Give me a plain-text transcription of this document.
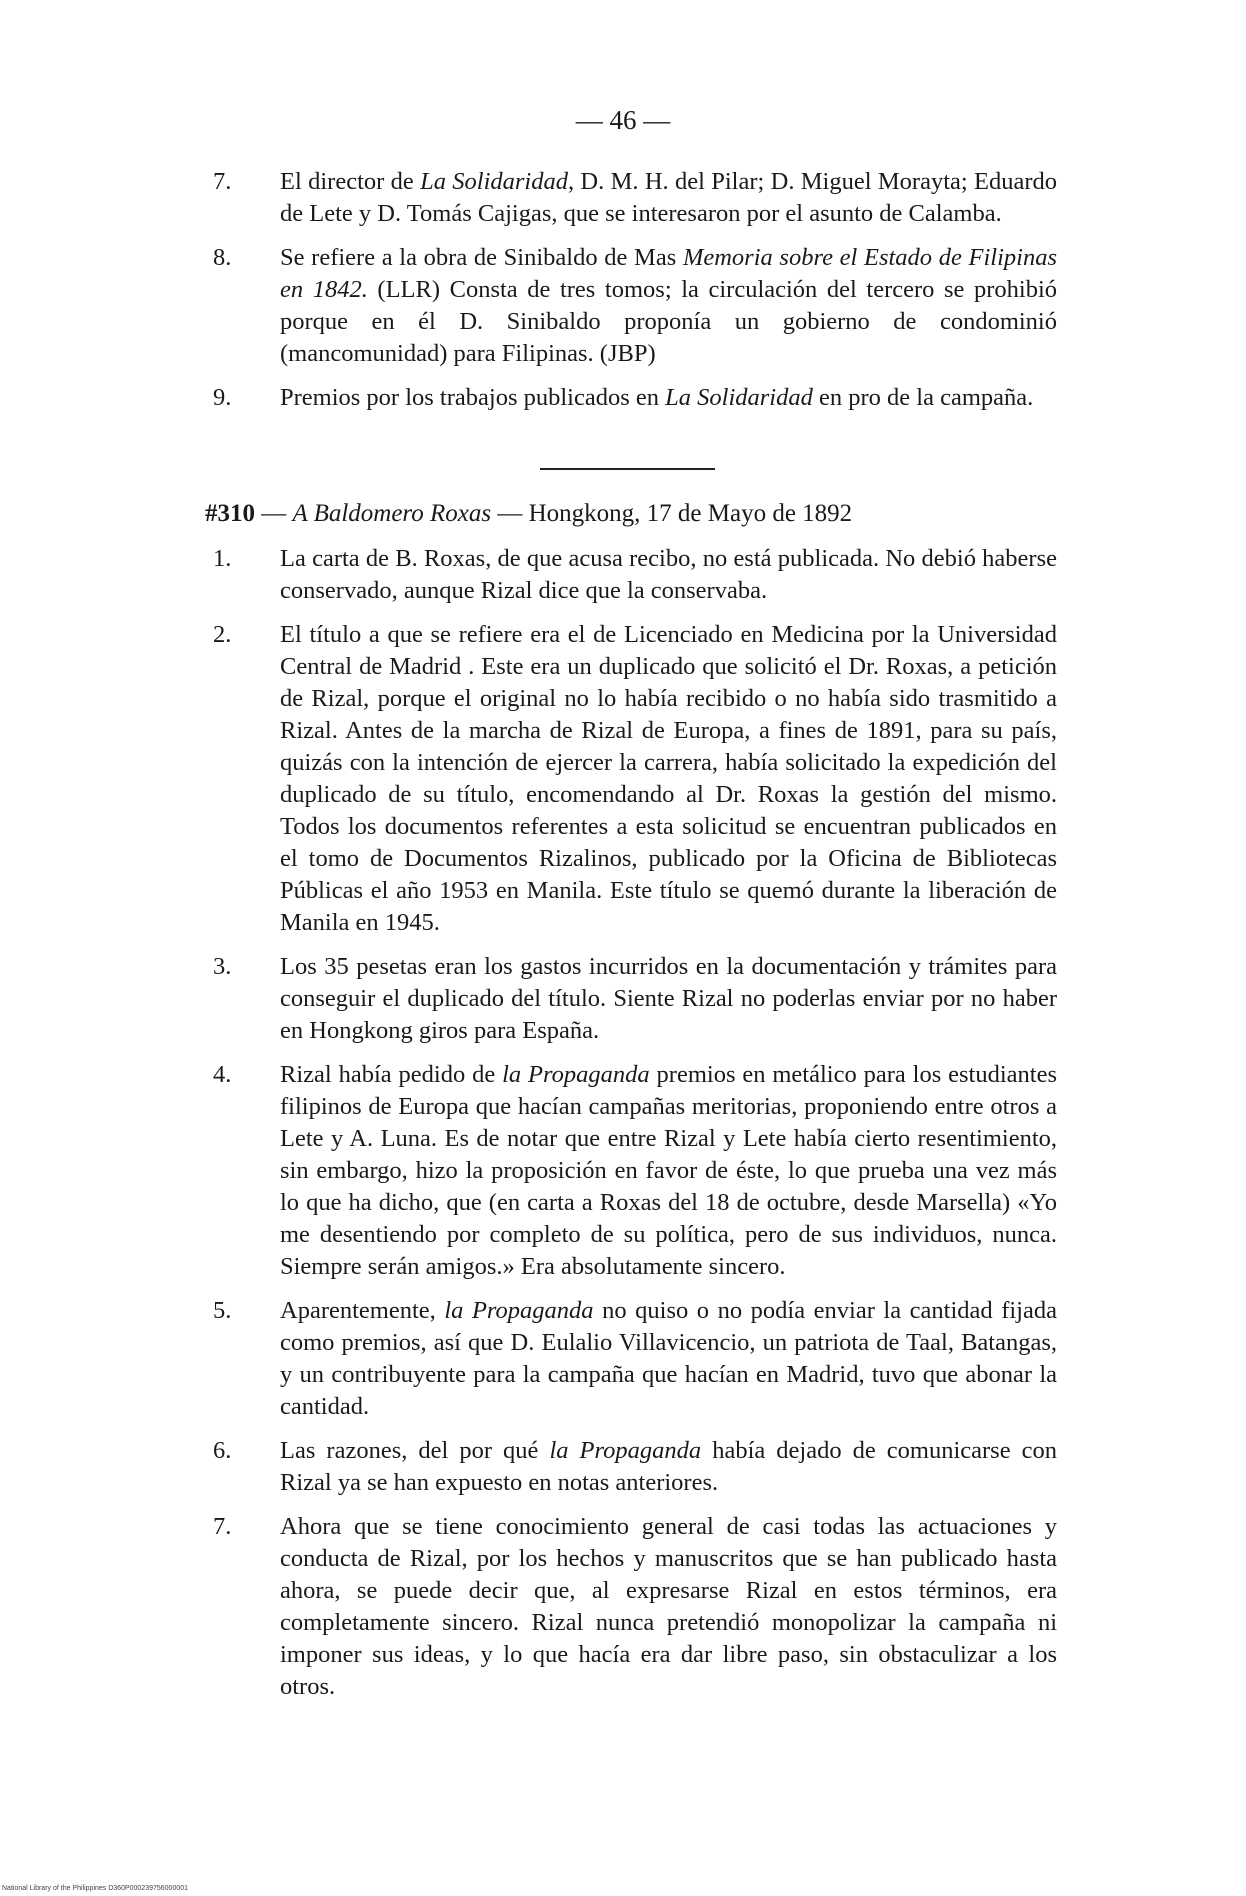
— 46 —

7.	El director de La Solidaridad, D. M. H. del Pilar; D. Miguel Morayta; Eduardo de Lete y D. Tomás Cajigas, que se interesaron por el asunto de Calamba.

8.	Se refiere a la obra de Sinibaldo de Mas Memoria sobre el Estado de Filipinas en 1842. (LLR) Consta de tres tomos; la circulación del tercero se prohibió porque en él D. Sinibaldo proponía un gobierno de condominió (mancomunidad) para Filipinas. (JBP)

9.	Premios por los trabajos publicados en La Solidaridad en pro de la campaña.

#310 — A Baldomero Roxas — Hongkong, 17 de Mayo de 1892

1.	La carta de B. Roxas, de que acusa recibo, no está publicada. No debió haberse conservado, aunque Rizal dice que la conservaba.

2.	El título a que se refiere era el de Licenciado en Medicina por la Universidad Central de Madrid . Este era un duplicado que solicitó el Dr. Roxas, a petición de Rizal, porque el original no lo había recibido o no había sido trasmitido a Rizal. Antes de la marcha de Rizal de Europa, a fines de 1891, para su país, quizás con la intención de ejercer la carrera, había solicitado la expedición del duplicado de su título, encomendando al Dr. Roxas la gestión del mismo. Todos los documentos referentes a esta solicitud se encuentran publicados en el tomo de Documentos Rizalinos, publicado por la Oficina de Bibliotecas Públicas el año 1953 en Manila. Este título se quemó durante la liberación de Manila en 1945.

3.	Los 35 pesetas eran los gastos incurridos en la documentación y trámites para conseguir el duplicado del título. Siente Rizal no poderlas enviar por no haber en Hongkong giros para España.

4.	Rizal había pedido de la Propaganda premios en metálico para los estudiantes filipinos de Europa que hacían campañas meritorias, proponiendo entre otros a Lete y A. Luna. Es de notar que entre Rizal y Lete había cierto resentimiento, sin embargo, hizo la proposición en favor de éste, lo que prueba una vez más lo que ha dicho, que (en carta a Roxas del 18 de octubre, desde Marsella) «Yo me desentiendo por completo de su política, pero de sus individuos, nunca. Siempre serán amigos.» Era absolutamente sincero.

5.	Aparentemente, la Propaganda no quiso o no podía enviar la cantidad fijada como premios, así que D. Eulalio Villavicencio, un patriota de Taal, Batangas, y un contribuyente para la campaña que hacían en Madrid, tuvo que abonar la cantidad.

6.	Las razones, del por qué la Propaganda había dejado de comunicarse con Rizal ya se han expuesto en notas anteriores.

7.	Ahora que se tiene conocimiento general de casi todas las actuaciones y conducta de Rizal, por los hechos y manuscritos que se han publicado hasta ahora, se puede decir que, al expresarse Rizal en estos términos, era completamente sincero. Rizal nunca pretendió monopolizar la campaña ni imponer sus ideas, y lo que hacía era dar libre paso, sin obstaculizar a los otros.

National Library of the Philippines D360P000239756000001
